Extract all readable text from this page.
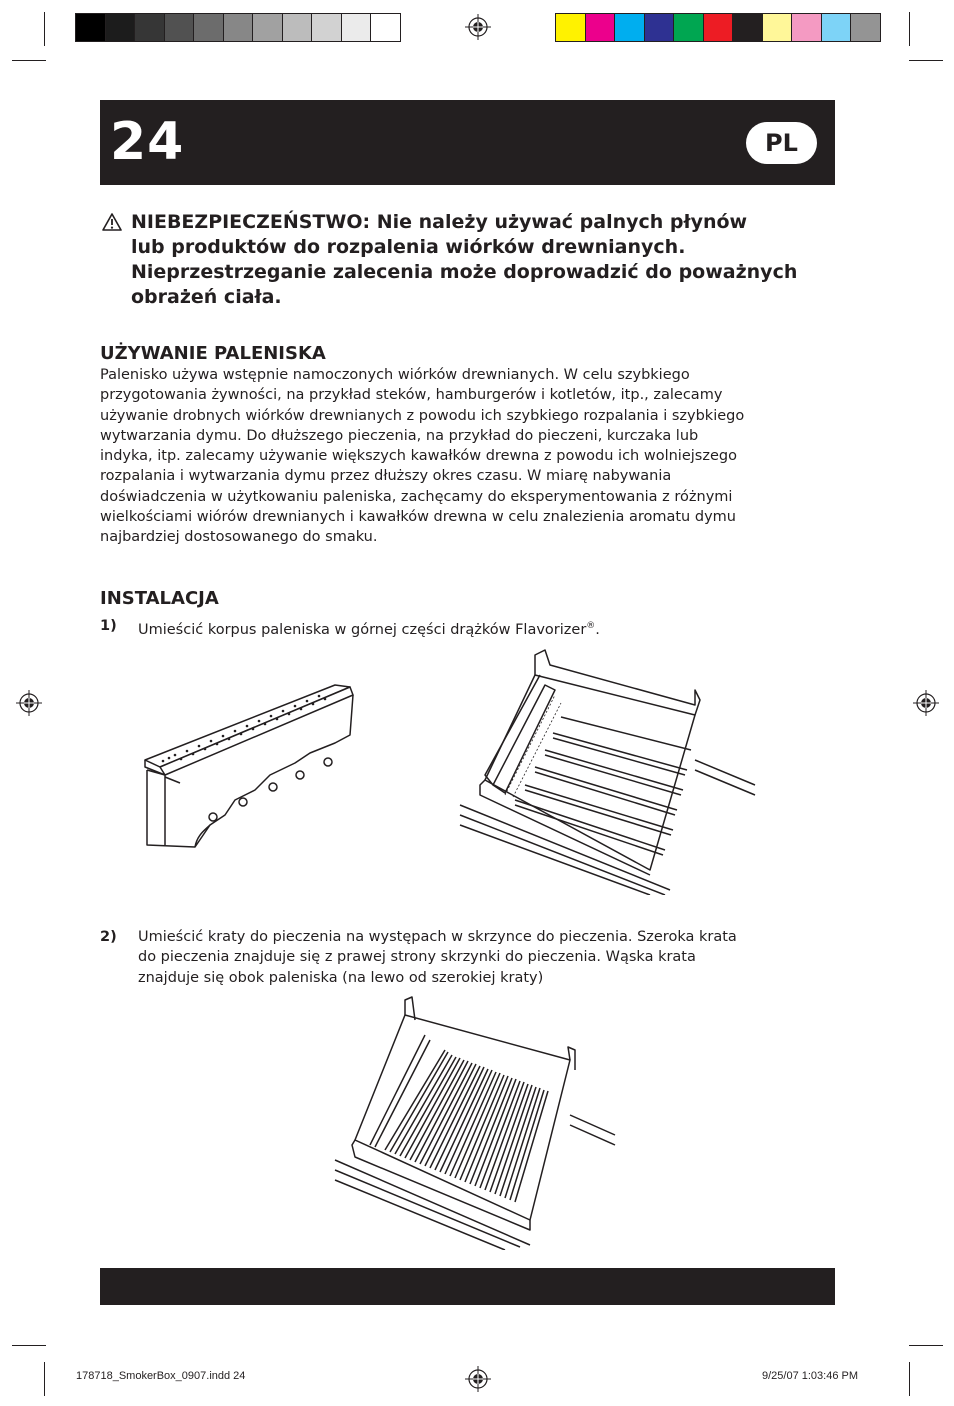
24	PL
NIEBEZPIECZEŃSTWO: Nie należy używać palnych płynów
lub produktów do rozpalenia wiórków drewnianych.
Nieprzestrzeganie zalecenia może doprowadzić do poważnych
obrażeń ciała.
UŻYWANIE PALENISKA
Palenisko używa wstępnie namoczonych wiórków drewnianych. W celu szybkiego
przygotowania żywności, na przykład steków, hamburgerów i kotletów, itp., zalecamy
używanie drobnych wiórków drewnianych z powodu ich szybkiego rozpalania i szybkiego
wytwarzania dymu. Do dłuższego pieczenia, na przykład do pieczeni, kurczaka lub
indyka, itp. zalecamy używanie większych kawałków drewna z powodu ich wolniejszego
rozpalania i wytwarzania dymu przez dłuższy okres czasu. W miarę nabywania
doświadczenia w użytkowaniu paleniska, zachęcamy do eksperymentowania z różnymi
wielkościami wiórów drewnianych i kawałków drewna w celu znalezienia aromatu dymu
najbardziej dostosowanego do smaku.
INSTALACJA
1) Umieścić korpus paleniska w górnej części drążków Flavorizer®.
2) Umieścić kraty do pieczenia na występach w skrzynce do pieczenia. Szeroka krata
do pieczenia znajduje się z prawej strony skrzynki do pieczenia. Wąska krata
znajduje się obok paleniska (na lewo od szerokiej kraty)
178718_SmokerBox_0907.indd 24	9/25/07 1:03:46 PM
